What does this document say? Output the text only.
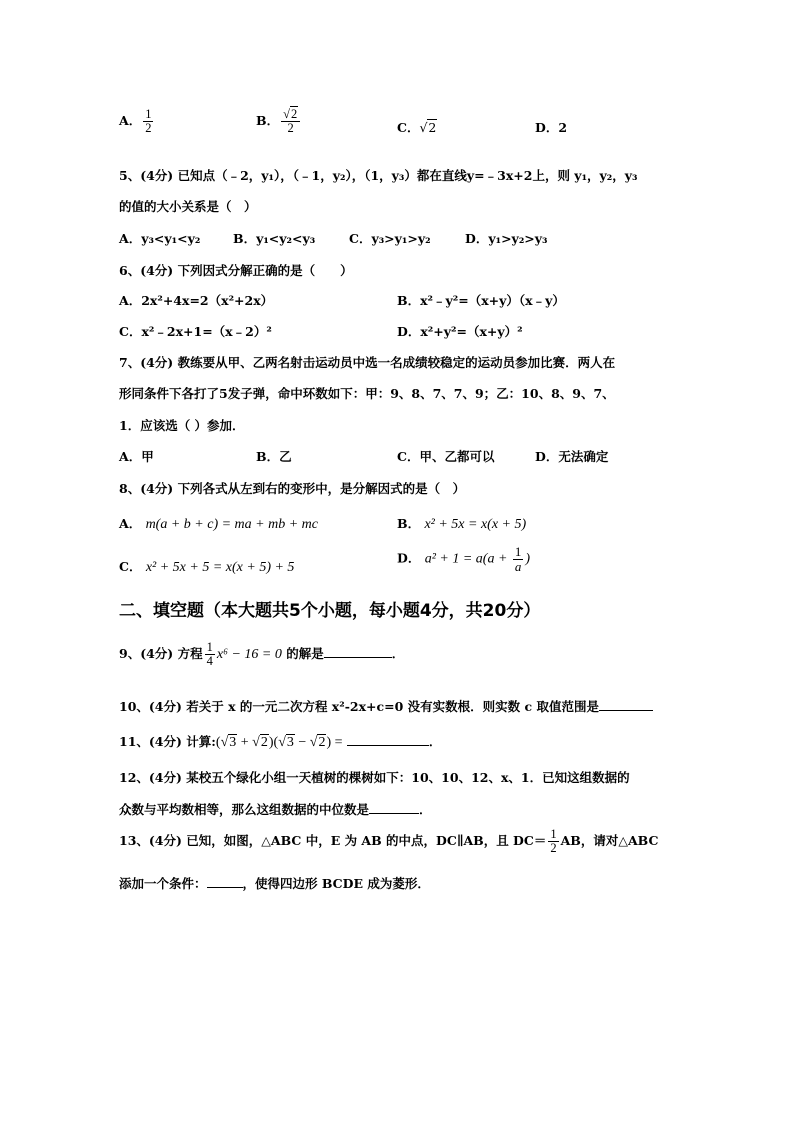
A． $\frac{1}{2}$	B． $\frac{√2}{2}$	C．√2	D．2
5、(4分) 已知点（﹣2，y₁），（﹣1，y₂），（1，y₃）都在直线y=﹣3x+2上，则 y₁，y₂，y₃
的值的大小关系是（　）
A．y₃<y₁<y₂	B．y₁<y₂<y₃	C．y₃>y₁>y₂	D．y₁>y₂>y₃
6、(4分) 下列因式分解正确的是（　　）
A．2x²+4x=2（x²+2x）	B．x²﹣y²=（x+y）（x﹣y）
C．x²﹣2x+1=（x﹣2）²	D．x²+y²=（x+y）²
7、(4分) 教练要从甲、乙两名射击运动员中选一名成绩较稳定的运动员参加比赛．两人在
形同条件下各打了5发子弹，命中环数如下：甲：9、8、7、7、9；乙：10、8、9、7、
1．应该选（ ）参加．
A．甲	B．乙	C．甲、乙都可以	D．无法确定
8、(4分) 下列各式从左到右的变形中，是分解因式的是（　）
A． m(a + b + c) = ma + mb + mc	B． x² + 5x = x(x + 5)
C． x² + 5x + 5 = x(x + 5) + 5
D． $a^2 + 1 = a(a + \frac{1}{a}$ )
二、填空题（本大题共5个小题，每小题4分，共20分）
9、(4分) 方程 $\frac{1}{4} x^6 - 16 = 0$ 的解是	．
10、(4分) 若关于 x 的一元二次方程 x²-2x+c=0 没有实数根．则实数 c 取值范围是
11、(4分) 计算:(√3 + √2)(√3 − √2) =	．
12、(4分) 某校五个绿化小组一天植树的棵树如下：10、10、12、x、1．已知这组数据的
众数与平均数相等，那么这组数据的中位数是	．
13、(4分) 已知，如图，△ABC 中，E 为 AB 的中点，DC∥AB，且 $DC= \frac{1}{2}$ AB，请对△ABC
添加一个条件：	，使得四边形 BCDE 成为菱形．
